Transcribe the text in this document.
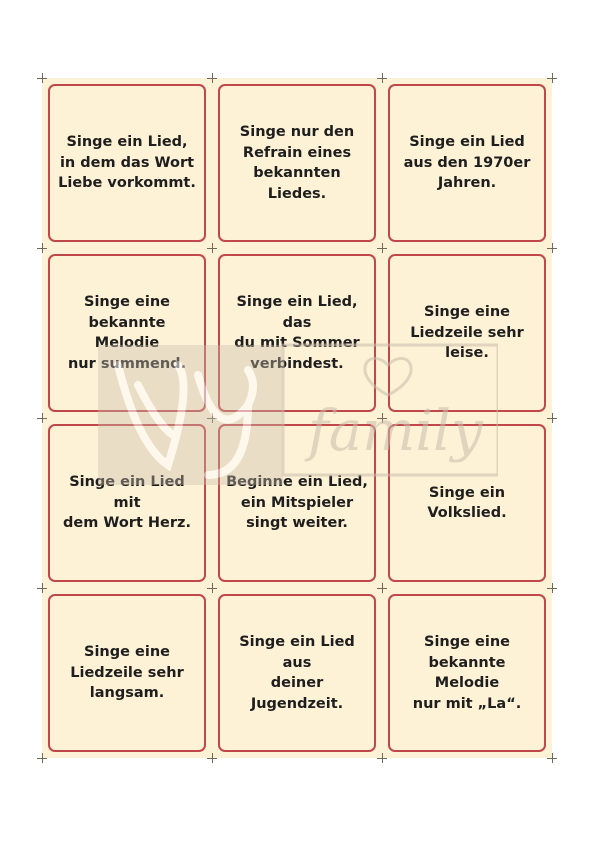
Singe ein Lied,
in dem das Wort
Liebe vorkommt.
Singe nur den
Refrain eines
bekannten Liedes.
Singe ein Lied
aus den 1970er
Jahren.
Singe eine
bekannte Melodie
nur summend.
Singe ein Lied, das
du mit Sommer
verbindest.
Singe eine
Liedzeile sehr
leise.
Singe ein Lied mit
dem Wort Herz.
Beginne ein Lied,
ein Mitspieler
singt weiter.
Singe ein
Volkslied.
Singe eine
Liedzeile sehr
langsam.
Singe ein Lied aus
deiner Jugendzeit.
Singe eine
bekannte Melodie
nur mit „La“.
family
